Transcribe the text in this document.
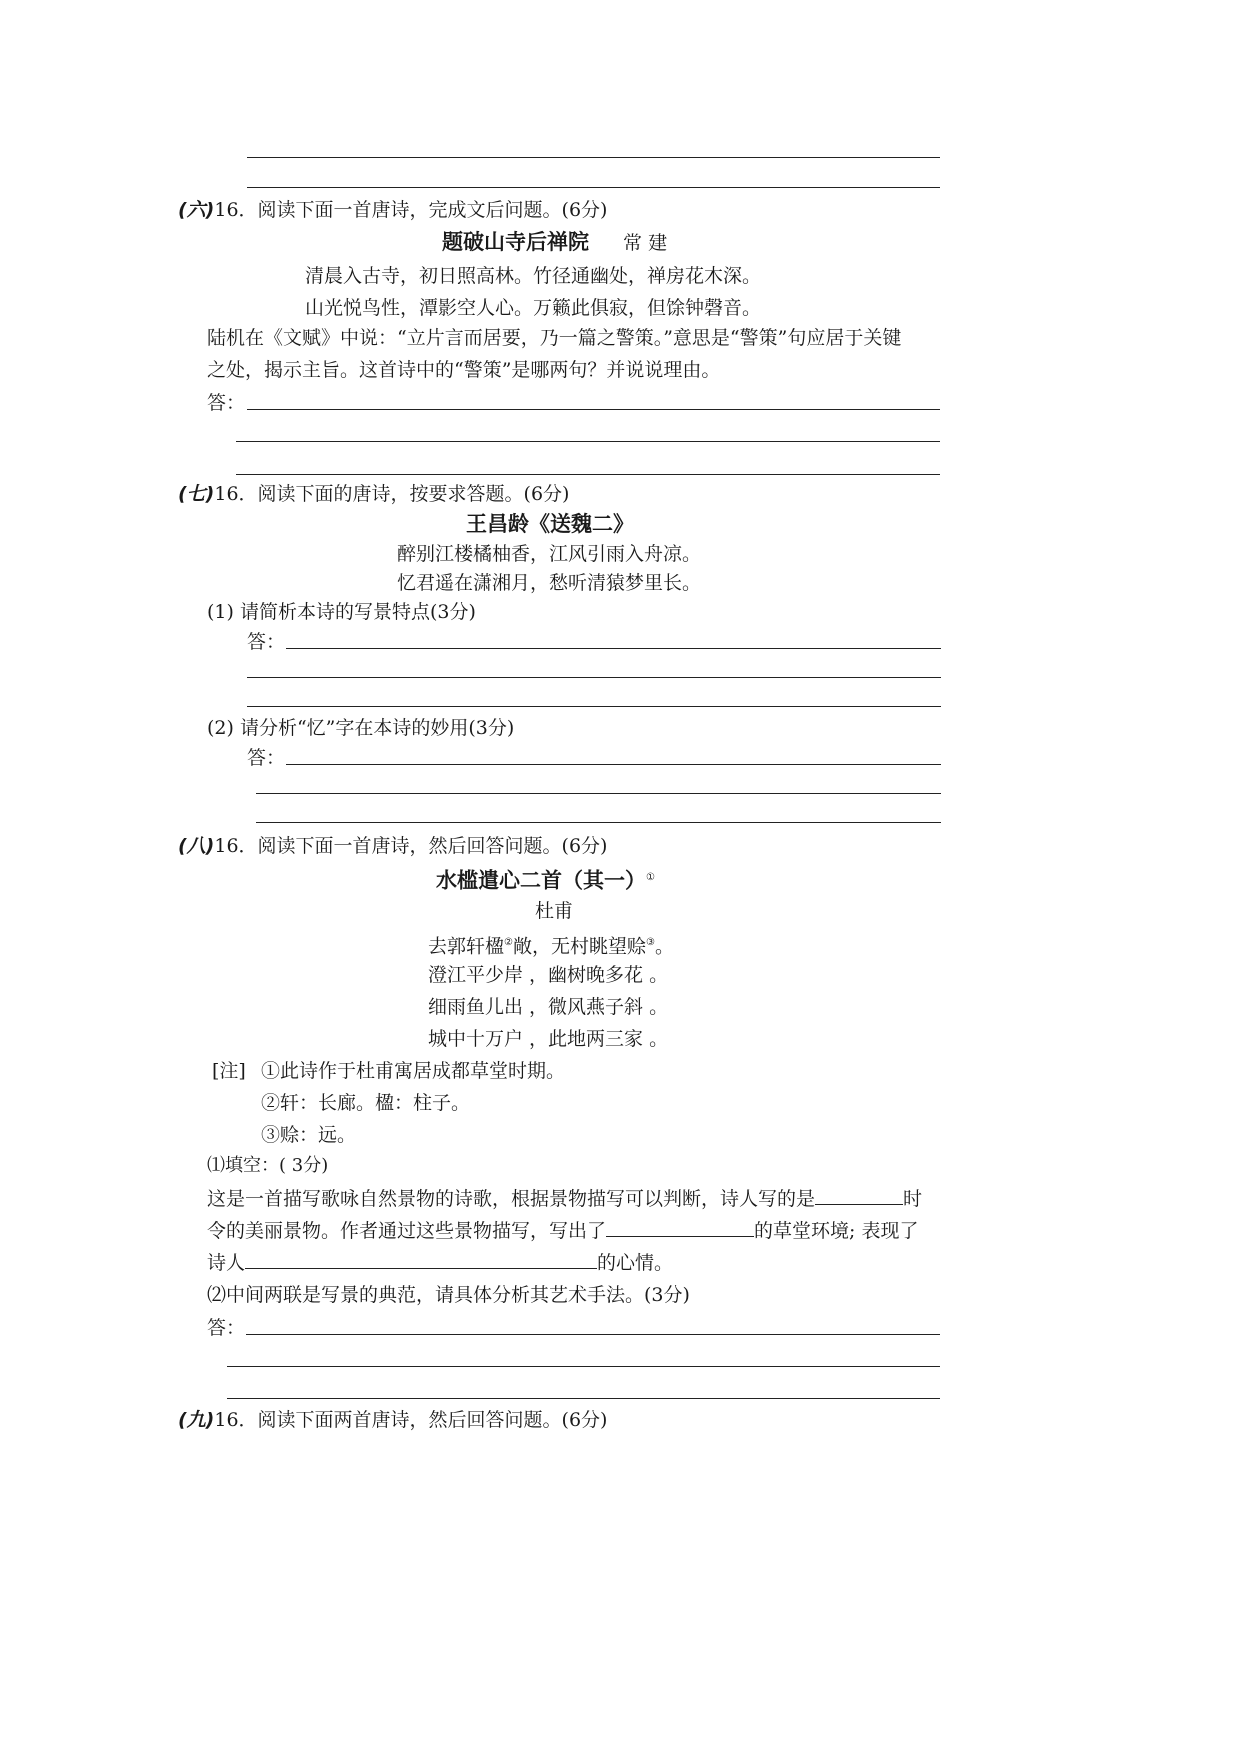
(六)16．阅读下面一首唐诗，完成文后问题。(6分)
题破山寺后禅院 常 建
清晨入古寺，初日照高林。竹径通幽处，禅房花木深。
山光悦鸟性，潭影空人心。万籁此俱寂，但馀钟磬音。
陆机在《文赋》中说：“立片言而居要，乃一篇之警策。”意思是“警策”句应居于关键
之处，揭示主旨。这首诗中的“警策”是哪两句？并说说理由。
答：
(七)16．阅读下面的唐诗，按要求答题。(6分)
王昌龄《送魏二》
醉别江楼橘柚香，江风引雨入舟凉。
忆君遥在潇湘月，愁听清猿梦里长。
(1) 请简析本诗的写景特点(3分)
答：
(2) 请分析“忆”字在本诗的妙用(3分)
答：
(八)16．阅读下面一首唐诗，然后回答问题。(6分)
水槛遣心二首（其一）①
杜甫
去郭轩楹②敞，无村眺望赊③。
澄江平少岸 ，幽树晚多花 。
细雨鱼儿出 ，微风燕子斜 。
城中十万户 ，此地两三家 。
[注] ①此诗作于杜甫寓居成都草堂时期。
②轩：长廊。楹：柱子。
③赊：远。
⑴填空：( 3分)
这是一首描写歌咏自然景物的诗歌，根据景物描写可以判断，诗人写的是	时
令的美丽景物。作者通过这些景物描写，写出了	的草堂环境; 表现了
诗人	的心情。
⑵中间两联是写景的典范，请具体分析其艺术手法。(3分)
答：
(九)16．阅读下面两首唐诗，然后回答问题。(6分)
